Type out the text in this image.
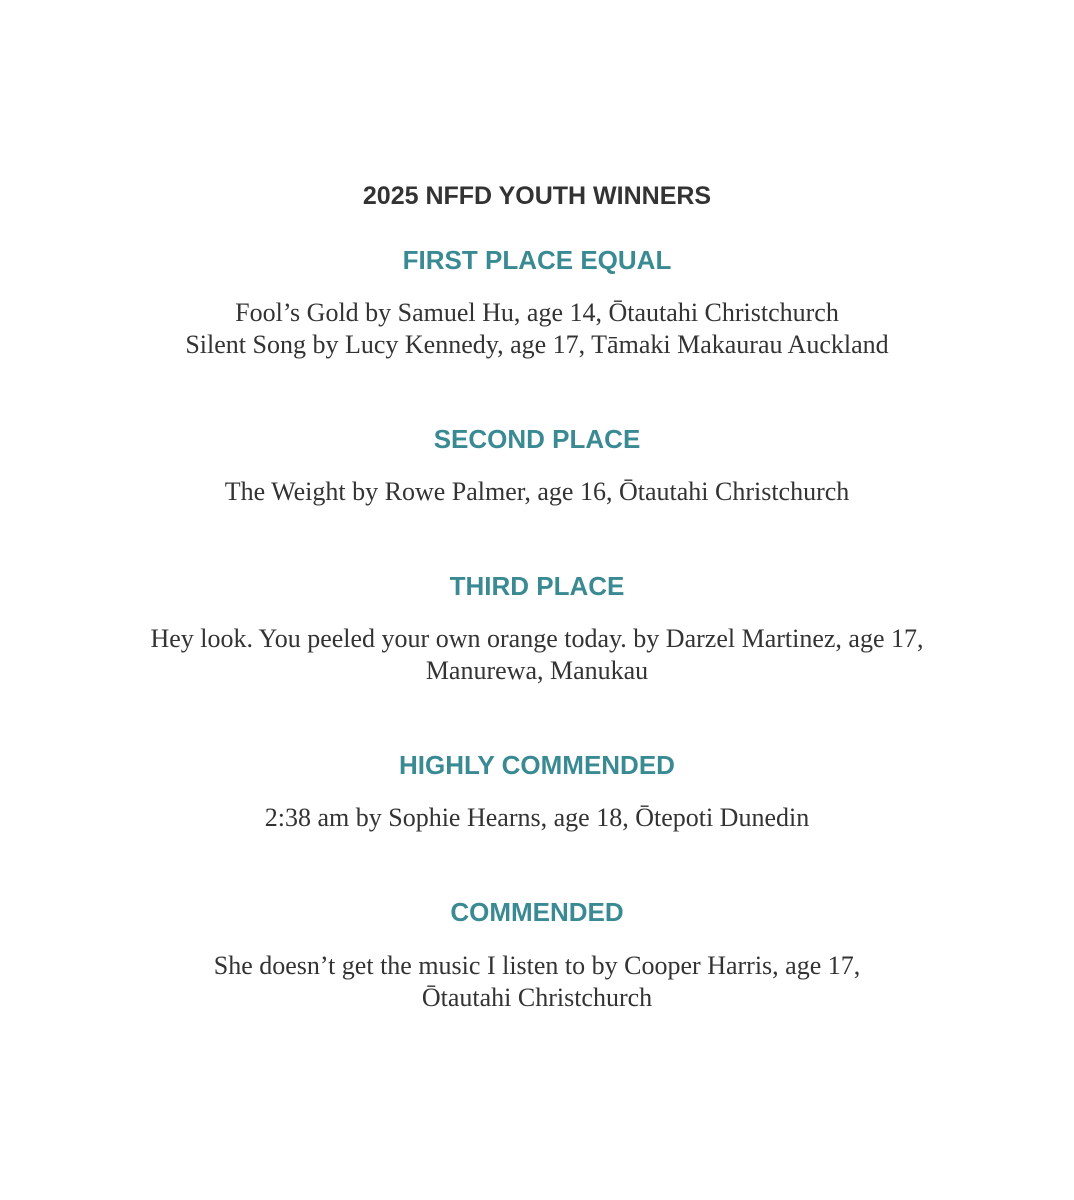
2025 NFFD YOUTH WINNERS
FIRST PLACE EQUAL

Fool’s Gold by Samuel Hu, age 14, Ōtautahi Christchurch
Silent Song by Lucy Kennedy, age 17, Tāmaki Makaurau Auckland

SECOND PLACE

The Weight by Rowe Palmer, age 16, Ōtautahi Christchurch

THIRD PLACE

Hey look. You peeled your own orange today. by Darzel Martinez, age 17,
Manurewa, Manukau

HIGHLY COMMENDED

2:38 am by Sophie Hearns, age 18, Ōtepoti Dunedin

COMMENDED

She doesn’t get the music I listen to by Cooper Harris, age 17,
Ōtautahi Christchurch
